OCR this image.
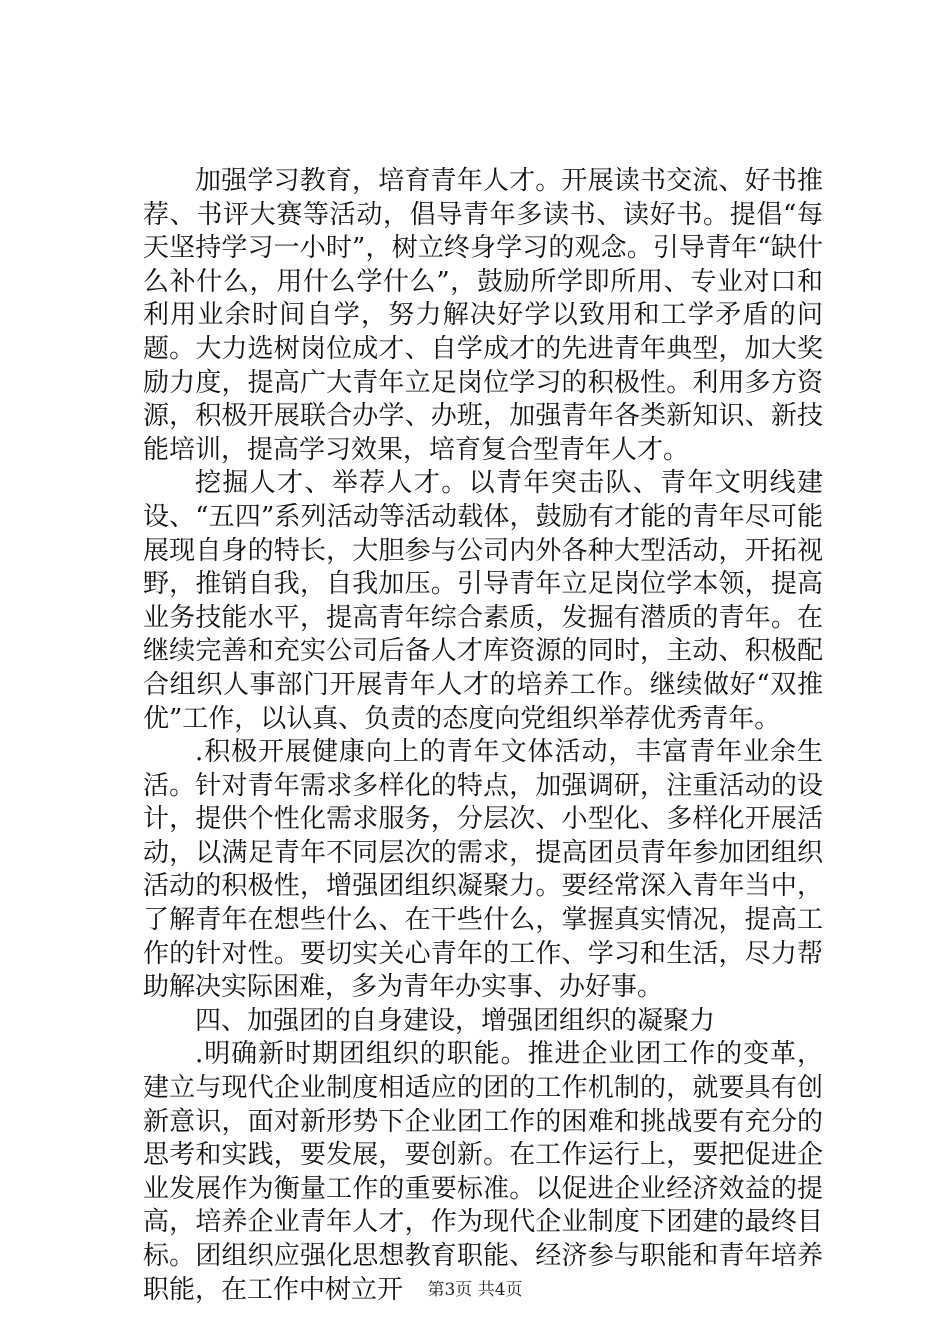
加强学习教育，培育青年人才。开展读书交流、好书推荐、书评大赛等活动，倡导青年多读书、读好书。提倡“每天坚持学习一小时”，树立终身学习的观念。引导青年“缺什么补什么，用什么学什么”，鼓励所学即所用、专业对口和利用业余时间自学，努力解决好学以致用和工学矛盾的问题。大力选树岗位成才、自学成才的先进青年典型，加大奖励力度，提高广大青年立足岗位学习的积极性。利用多方资源，积极开展联合办学、办班，加强青年各类新知识、新技能培训，提高学习效果，培育复合型青年人才。

挖掘人才、举荐人才。以青年突击队、青年文明线建设、“五四”系列活动等活动载体，鼓励有才能的青年尽可能展现自身的特长，大胆参与公司内外各种大型活动，开拓视野，推销自我，自我加压。引导青年立足岗位学本领，提高业务技能水平，提高青年综合素质，发掘有潜质的青年。在继续完善和充实公司后备人才库资源的同时，主动、积极配合组织人事部门开展青年人才的培养工作。继续做好“双推优”工作，以认真、负责的态度向党组织举荐优秀青年。

.积极开展健康向上的青年文体活动，丰富青年业余生活。针对青年需求多样化的特点，加强调研，注重活动的设计，提供个性化需求服务，分层次、小型化、多样化开展活动，以满足青年不同层次的需求，提高团员青年参加团组织活动的积极性，增强团组织凝聚力。要经常深入青年当中，了解青年在想些什么、在干些什么，掌握真实情况，提高工作的针对性。要切实关心青年的工作、学习和生活，尽力帮助解决实际困难，多为青年办实事、办好事。

四、加强团的自身建设，增强团组织的凝聚力

.明确新时期团组织的职能。推进企业团工作的变革，建立与现代企业制度相适应的团的工作机制的，就要具有创新意识，面对新形势下企业团工作的困难和挑战要有充分的思考和实践，要发展，要创新。在工作运行上，要把促进企业发展作为衡量工作的重要标准。以促进企业经济效益的提高，培养企业青年人才，作为现代企业制度下团建的最终目标。团组织应强化思想教育职能、经济参与职能和青年培养职能，在工作中树立开	第3页 共4页
